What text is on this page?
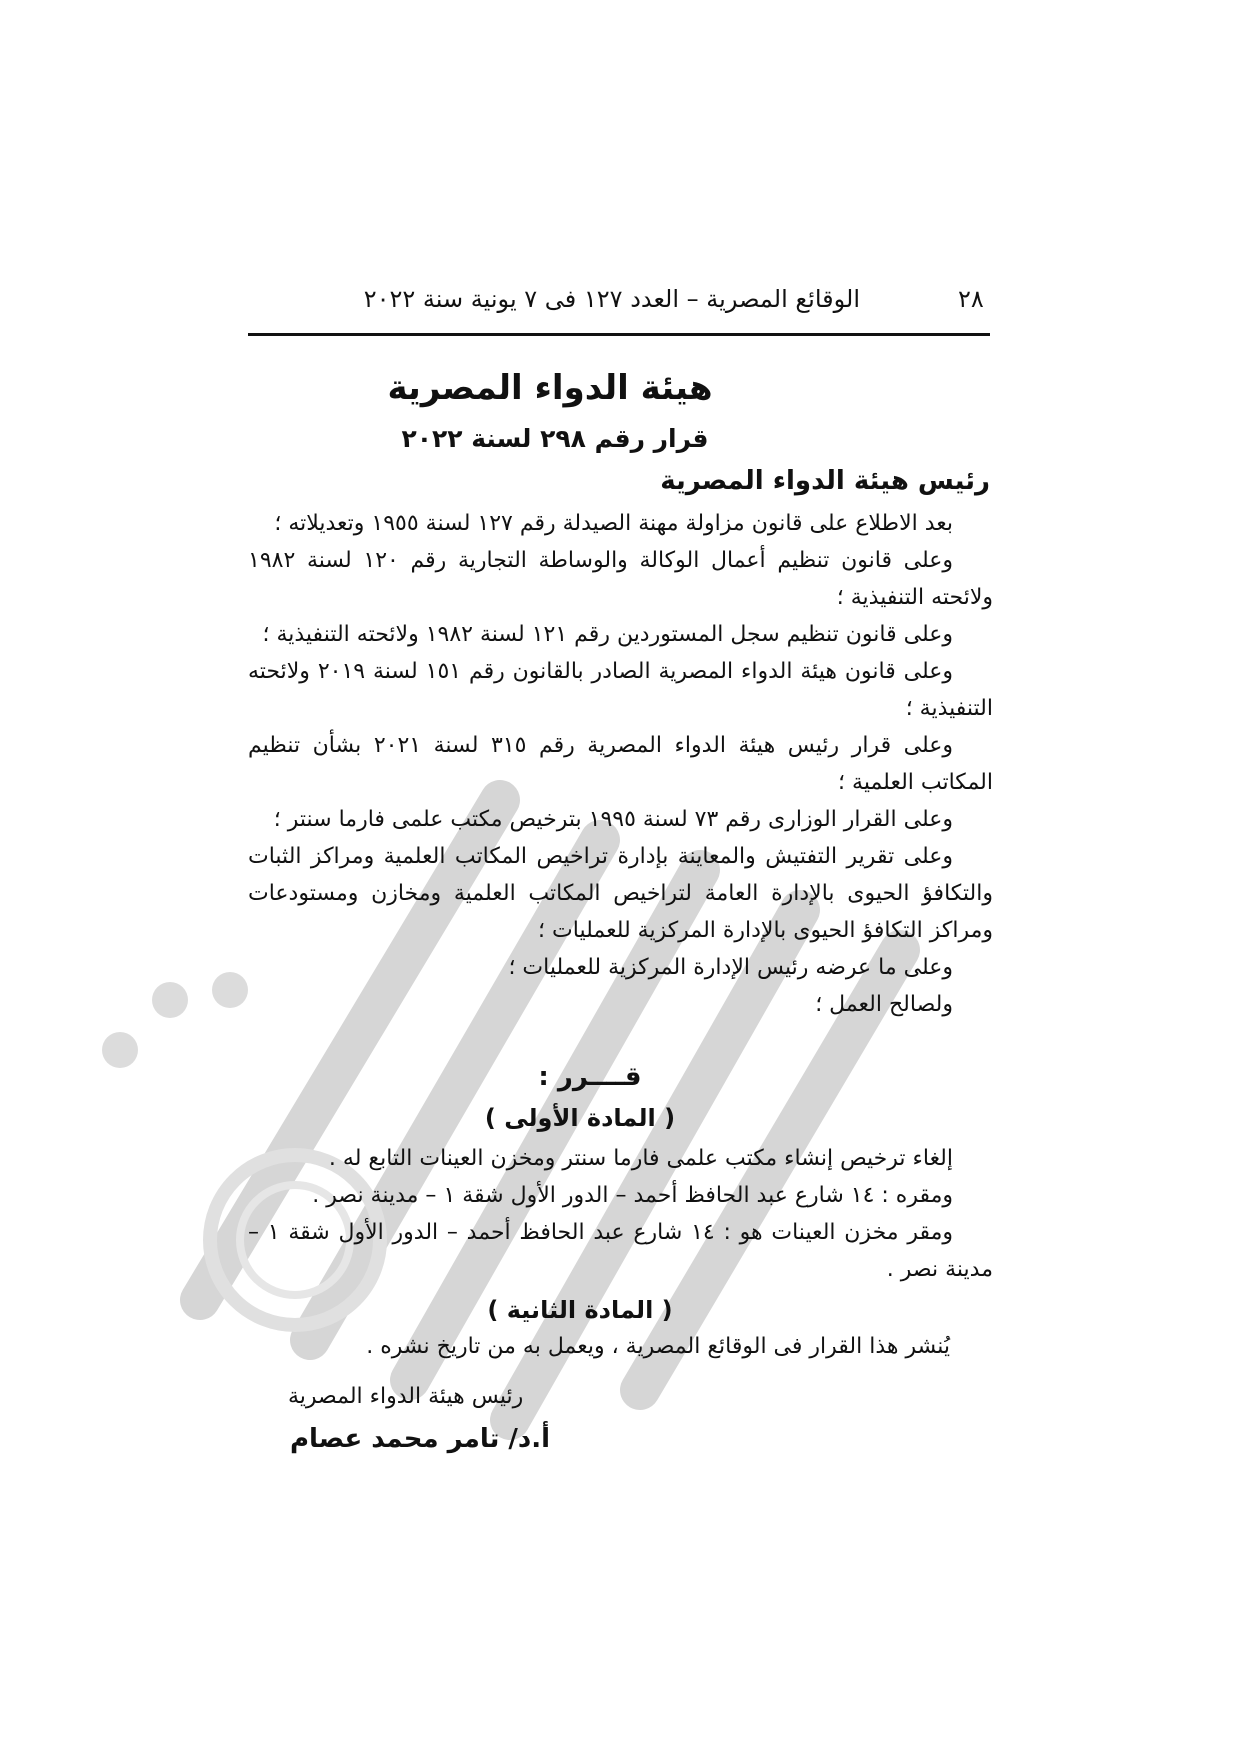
٢٨
الوقائع المصرية – العدد ١٢٧ فى ٧ يونية سنة ٢٠٢٢
هيئة الدواء المصرية
قرار رقم ٢٩٨ لسنة ٢٠٢٢
رئيس هيئة الدواء المصرية

بعد الاطلاع على قانون مزاولة مهنة الصيدلة رقم ١٢٧ لسنة ١٩٥٥ وتعديلاته ؛

وعلى قانون تنظيم أعمال الوكالة والوساطة التجارية رقم ١٢٠ لسنة ١٩٨٢ ولائحته التنفيذية ؛

وعلى قانون تنظيم سجل المستوردين رقم ١٢١ لسنة ١٩٨٢ ولائحته التنفيذية ؛

وعلى قانون هيئة الدواء المصرية الصادر بالقانون رقم ١٥١ لسنة ٢٠١٩ ولائحته التنفيذية ؛

وعلى قرار رئيس هيئة الدواء المصرية رقم ٣١٥ لسنة ٢٠٢١ بشأن تنظيم المكاتب العلمية ؛

وعلى القرار الوزارى رقم ٧٣ لسنة ١٩٩٥ بترخيص مكتب علمى فارما سنتر ؛

وعلى تقرير التفتيش والمعاينة بإدارة تراخيص المكاتب العلمية ومراكز الثبات والتكافؤ الحيوى بالإدارة العامة لتراخيص المكاتب العلمية ومخازن ومستودعات ومراكز التكافؤ الحيوى بالإدارة المركزية للعمليات ؛

وعلى ما عرضه رئيس الإدارة المركزية للعمليات ؛

ولصالح العمل ؛

قــــرر :
( المادة الأولى )

إلغاء ترخيص إنشاء مكتب علمى فارما سنتر ومخزن العينات التابع له .

ومقره : ١٤ شارع عبد الحافظ أحمد – الدور الأول شقة ١ – مدينة نصر .

ومقر مخزن العينات هو : ١٤ شارع عبد الحافظ أحمد – الدور الأول شقة ١ – مدينة نصر .

( المادة الثانية )
يُنشر هذا القرار فى الوقائع المصرية ، ويعمل به من تاريخ نشره .
رئيس هيئة الدواء المصرية
أ.د/ تامر محمد عصام
